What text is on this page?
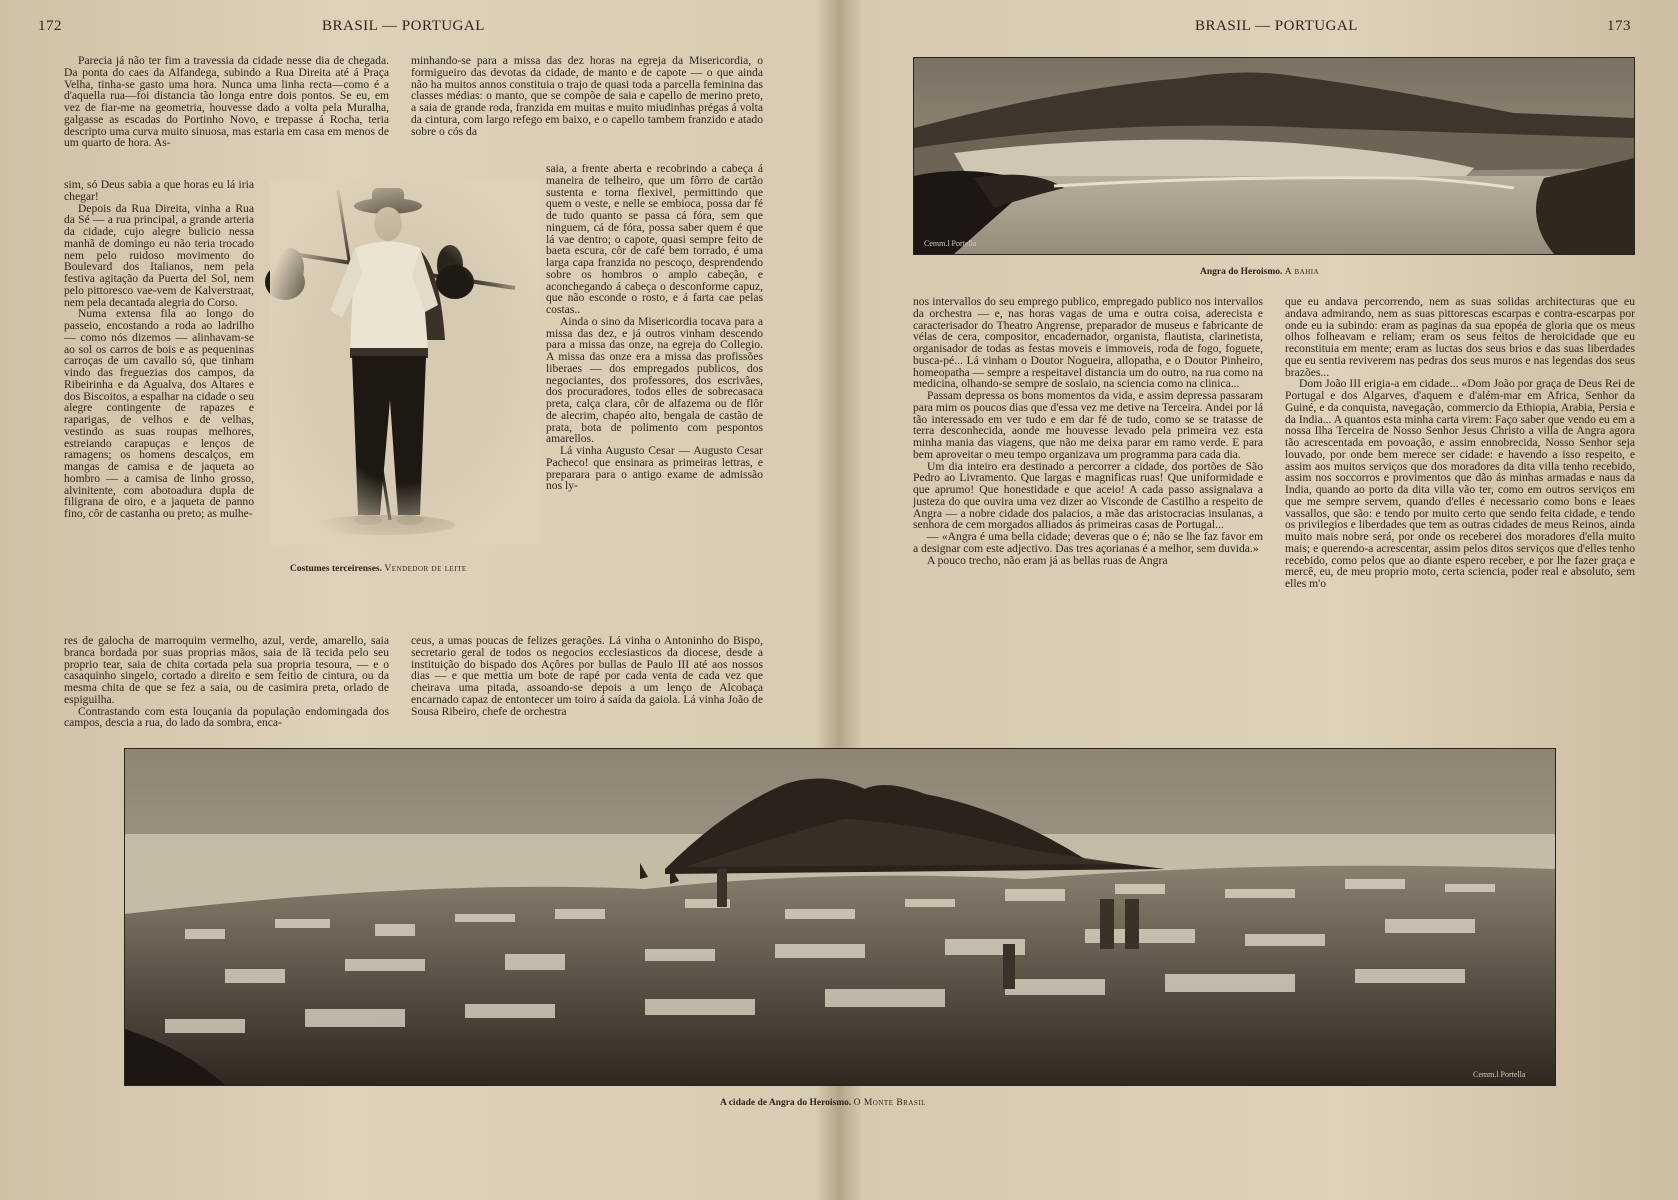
172	BRASIL — PORTUGAL

Parecia já não ter fim a travessia da cidade nesse dia de chegada. Da ponta do caes da Alfandega, subindo a Rua Direita até á Praça Velha, tinha-se gasto uma hora. Nunca uma linha recta—como é a d'aquella rua—foi distancia tão longa entre dois pontos. Se eu, em vez de fiar-me na geometria, houvesse dado a volta pela Muralha, galgasse as escadas do Portinho Novo, e trepasse á Rocha, teria descripto uma curva muito sinuosa, mas estaria em casa em menos de um quarto de hora. As-

sim, só Deus sabia a que horas eu lá iria chegar!

Depois da Rua Direita, vinha a Rua da Sé — a rua principal, a grande arteria da cidade, cujo alegre bulicio nessa manhã de domingo eu não teria trocado nem pelo ruidoso movimento do Boulevard dos Italianos, nem pela festiva agitação da Puerta del Sol, nem pelo pittoresco vae-vem de Kalverstraat, nem pela decantada alegria do Corso.

Numa extensa fila ao longo do passeio, encostando a roda ao ladrilho — como nós dizemos — alinhavam-se ao sol os carros de bois e as pequeninas carroças de um cavallo só, que tinham vindo das freguezias dos campos, da Ribeirinha e da Agualva, dos Altares e dos Biscoitos, a espalhar na cidade o seu alegre contingente de rapazes e raparigas, de velhos e de velhas, vestindo as suas roupas melhores, estreiando carapuças e lenços de ramagens; os homens descalços, em mangas de camisa e de jaqueta ao hombro — a camisa de linho grosso, alvinitente, com abotoadura dupla de filigrana de oiro, e a jaqueta de panno fino, côr de castanha ou preto; as mulhe-

res de galocha de marroquim vermelho, azul, verde, amarello, saia branca bordada por suas proprias mãos, saia de lã tecida pelo seu proprio tear, saia de chita cortada pela sua propria tesoura, — e o casaquinho singelo, cortado a direito e sem feitio de cintura, ou da mesma chita de que se fez a saia, ou de casimira preta, orlado de espiguilha.

Contrastando com esta louçania da população endomingada dos campos, descia a rua, do lado da sombra, enca-

minhando-se para a missa das dez horas na egreja da Misericordia, o formigueiro das devotas da cidade, de manto e de capote — o que ainda não ha muitos annos constituia o trajo de quasi toda a parcella feminina das classes médias: o manto, que se compõe de saia e capello de merino preto, a saia de grande roda, franzida em muitas e muito miudinhas prégas á volta da cintura, com largo refego em baixo, e o capello tambem franzido e atado sobre o cós da

saia, a frente aberta e recobrindo a cabeça á maneira de telheiro, que um fôrro de cartão sustenta e torna flexivel, permittindo que quem o veste, e nelle se embioca, possa dar fé de tudo quanto se passa cá fóra, sem que ninguem, cá de fóra, possa saber quem é que lá vae dentro; o capote, quasi sempre feito de baeta escura, côr de café bem torrado, é uma larga capa franzida no pescoço, desprendendo sobre os hombros o amplo cabeção, e aconchegando á cabeça o desconforme capuz, que não esconde o rosto, e á farta cae pelas costas..

Ainda o sino da Misericordia tocava para a missa das dez, e já outros vinham descendo para a missa das onze, na egreja do Collegio. A missa das onze era a missa das profissões liberaes — dos empregados publicos, dos negociantes, dos professores, dos escrivães, dos procuradores, todos elles de sobrecasaca preta, calça clara, côr de alfazema ou de flôr de alecrim, chapéo alto, bengala de castão de prata, bota de polimento com pespontos amarellos.

Lá vinha Augusto Cesar — Augusto Cesar Pacheco! que ensinara as primeiras lettras, e preparara para o antigo exame de admissão nos ly-

ceus, a umas poucas de felizes gerações. Lá vinha o Antoninho do Bispo, secretario geral de todos os negocios ecclesiasticos da diocese, desde a instituição do bispado dos Açôres por bullas de Paulo III até aos nossos dias — e que mettia um bote de rapé por cada venta de cada vez que cheirava uma pitada, assoando-se depois a um lenço de Alcobaça encarnado capaz de entontecer um toiro á saída da gaiola. Lá vinha João de Sousa Ribeiro, chefe de orchestra

Costumes terceirenses. Vendedor de leite
BRASIL — PORTUGAL	173
Cemm.l Portella
Angra do Heroismo. A bahia

nos intervallos do seu emprego publico, empregado publico nos intervallos da orchestra — e, nas horas vagas de uma e outra coisa, aderecista e caracterisador do Theatro Angrense, preparador de museus e fabricante de vélas de cera, compositor, encadernador, organista, flautista, clarinetista, organisador de todas as festas moveis e immoveis, roda de fogo, foguete, busca-pé... Lá vinham o Doutor Nogueira, allopatha, e o Doutor Pinheiro, homeopatha — sempre a respeitavel distancia um do outro, na rua como na medicina, olhando-se sempre de soslaio, na sciencia como na clinica...

Passam depressa os bons momentos da vida, e assim depressa passaram para mim os poucos dias que d'essa vez me detive na Terceira. Andei por lá tão interessado em ver tudo e em dar fé de tudo, como se se tratasse de terra desconhecida, aonde me houvesse levado pela primeira vez esta minha mania das viagens, que não me deixa parar em ramo verde. E para bem aproveitar o meu tempo organizava um programma para cada dia.

Um dia inteiro era destinado a percorrer a cidade, dos portões de São Pedro ao Livramento. Que largas e magnificas ruas! Que uniformidade e que aprumo! Que honestidade e que aceio! A cada passo assignalava a justeza do que ouvira uma vez dizer ao Visconde de Castilho a respeito de Angra — a nobre cidade dos palacios, a mãe das aristocracias insulanas, a senhora de cem morgados alliados ás primeiras casas de Portugal...

— «Angra é uma bella cidade; deveras que o é; não se lhe faz favor em a designar com este adjectivo. Das tres açorianas é a melhor, sem duvida.»

A pouco trecho, não eram já as bellas ruas de Angra

que eu andava percorrendo, nem as suas solidas architecturas que eu andava admirando, nem as suas pittorescas escarpas e contra-escarpas por onde eu ia subindo: eram as paginas da sua epopéa de gloria que os meus olhos folheavam e reliam; eram os seus feitos de heroicidade que eu reconstituia em mente; eram as luctas dos seus brios e das suas liberdades que eu sentia reviverem nas pedras dos seus muros e nas legendas dos seus brazões...

Dom João III erigia-a em cidade... «Dom João por graça de Deus Rei de Portugal e dos Algarves, d'aquem e d'além-mar em Africa, Senhor da Guiné, e da conquista, navegação, commercio da Ethiopia, Arabia, Persia e da India... A quantos esta minha carta virem: Faço saber que vendo eu em a nossa Ilha Terceira de Nosso Senhor Jesus Christo a villa de Angra agora tão acrescentada em povoação, e assim ennobrecida, Nosso Senhor seja louvado, por onde bem merece ser cidade: e havendo a isso respeito, e assim aos muitos serviços que dos moradores da dita villa tenho recebido, assim nos soccorros e provimentos que dão ás minhas armadas e naus da India, quando ao porto da dita villa vão ter, como em outros serviços em que me sempre servem, quando d'elles é necessario como bons e leaes vassallos, que são: e tendo por muito certo que sendo feita cidade, e tendo os privilegios e liberdades que tem as outras cidades de meus Reinos, ainda muito mais nobre será, por onde os receberei dos moradores d'ella muito mais; e querendo-a acrescentar, assim pelos ditos serviços que d'elles tenho recebido, como pelos que ao diante espero receber, e por lhe fazer graça e mercê, eu, de meu proprio moto, certa sciencia, poder real e absoluto, sem elles m'o

Cemm.l Portella
A cidade de Angra do Heroismo. O Monte Brasil
